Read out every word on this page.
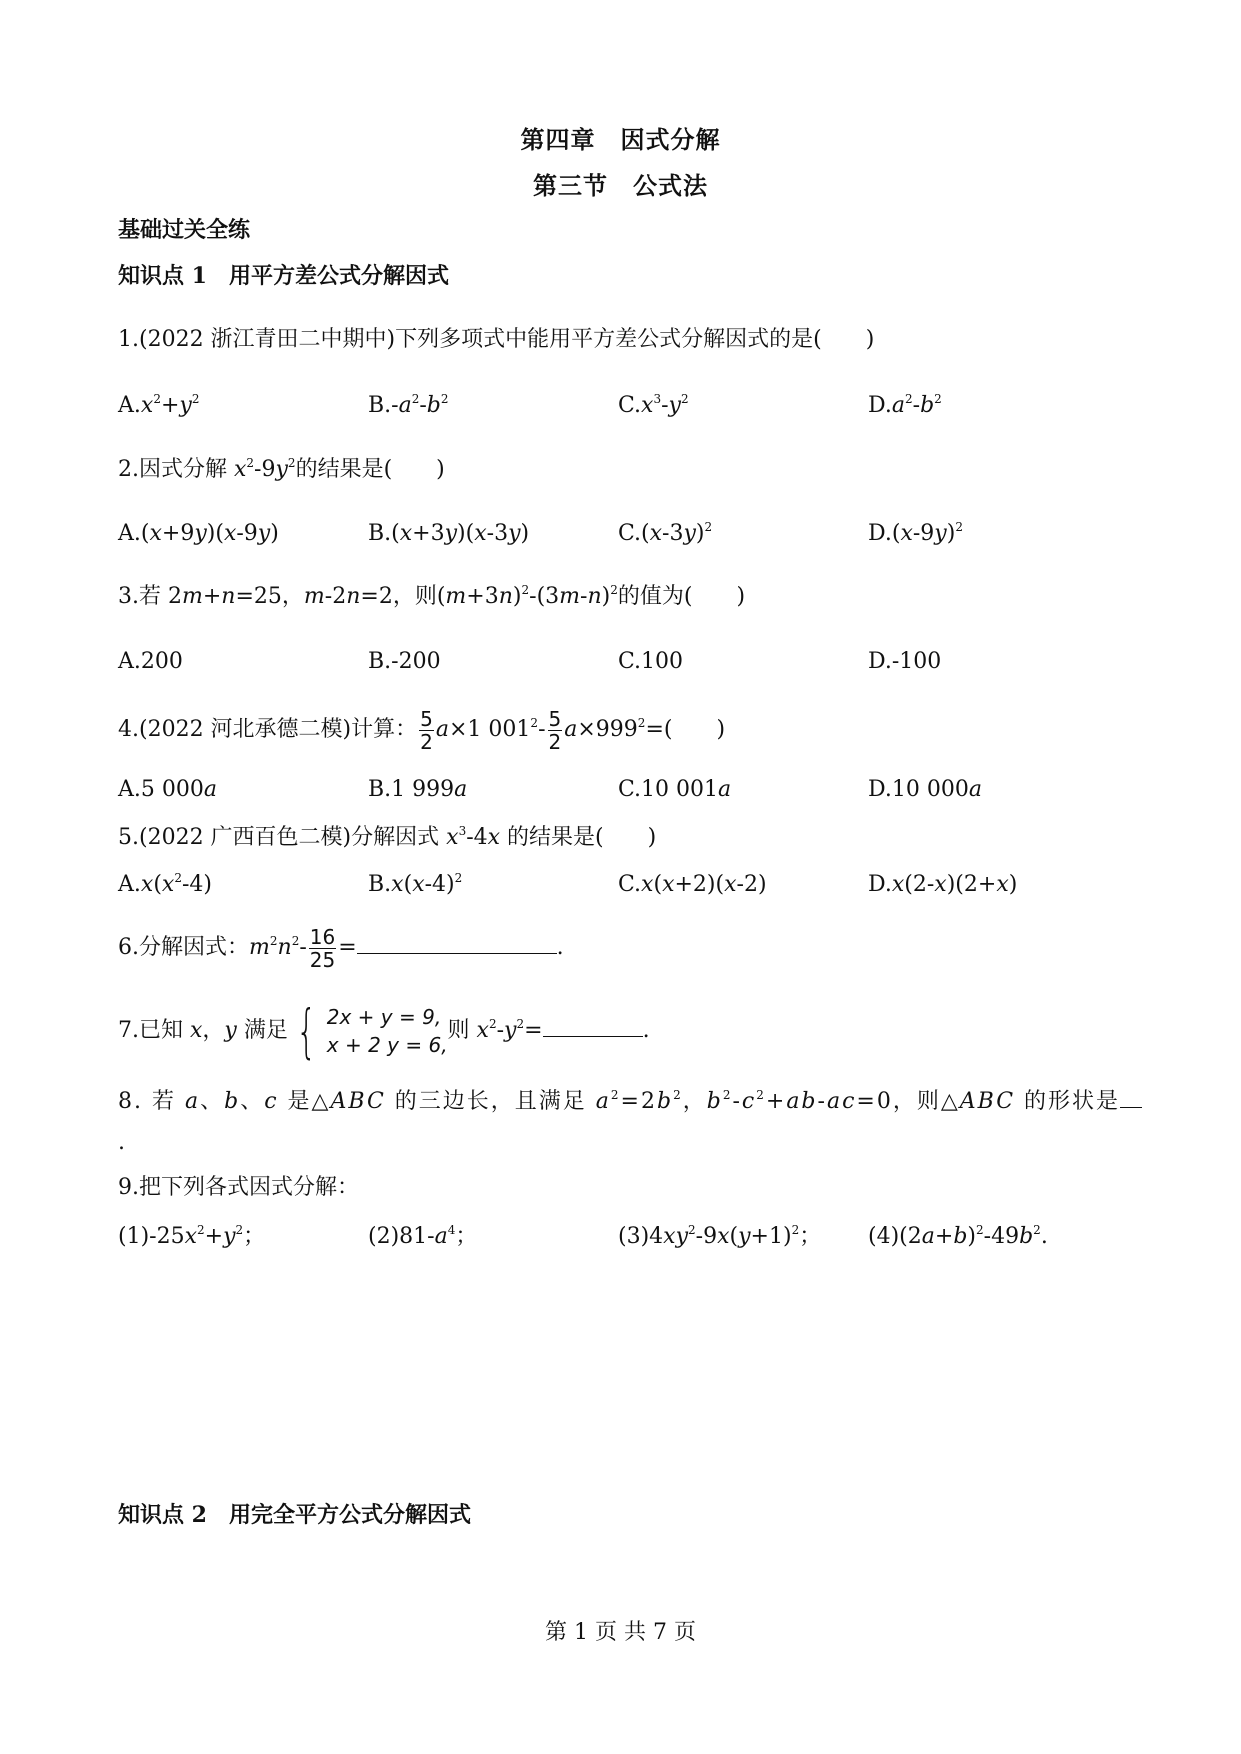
第四章　因式分解
第三节　公式法
基础过关全练
知识点 1　用平方差公式分解因式
1.(2022 浙江青田二中期中)下列多项式中能用平方差公式分解因式的是(　　)
$A.x^2+y^2$	$B.-a^2-b^2$	$C.x^3-y^2$	$D.a^2-b^2$
2.因式分解 $x^2-9y^2$的结果是(　　)
A.(x+9y)(x-9y)	B.(x+3y)(x-3y)	$C.(x-3y)^2$	$D.(x-9y)^2$
3.若 2m+n=25，m-2n=2，则$(m+3n)^2-(3m-n)^2$的值为(　　)
A.200	B.-200	C.100	D.-100
4.(2022 河北承德二模)计算： $\frac{5}{2} a\times 1$ $001^2- \frac{5}{2} a\times 999^2=$(　　)
A.5 000a	B.1 999a	C.10 001a	D.10 000a
5.(2022 广西百色二模)分解因式 $x^3-4x$ 的结果是(　　)
$A.x(x^2-4)$	$B.x(x-4)^2$	C.x(x+2)(x-2)	D.x(2-x)(2+x)
6.分解因式：$m^2n^2- \frac{16}{25}$ =	.
7.已知 x，y 满足 { 2x + y = 9,
x + 2 y = 6,
则 $x^2-y^2=$	.
8. 若 a、b、c 是△ABC 的三边长，且满足 $a^2=2b^2$，$b^2-c^2+ab-ac=0$，则△ABC 的形状是
.
9.把下列各式因式分解：
$(1)-25x^2+y^2$；	$(2)81-a^4$；	$(3)4xy^2-9x(y+1)^2$； $(4)(2a+b)^2-49b^2$.
知识点 2　用完全平方公式分解因式
第 1 页 共 7 页
